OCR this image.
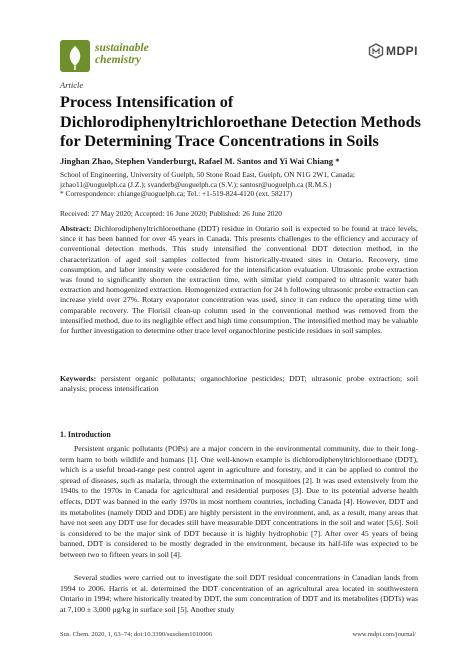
sustainable
chemistry
MDPI
Article
Process Intensification of Dichlorodiphenyltrichloroethane Detection Methods for Determining Trace Concentrations in Soils
Jinghan Zhao, Stephen Vanderburgt, Rafael M. Santos and Yi Wai Chiang *
School of Engineering, University of Guelph, 50 Stone Road East, Guelph, ON N1G 2W1, Canada;
jzhao11@uoguelph.ca (J.Z.); svanderb@uoguelph.ca (S.V.); santosr@uoguelph.ca (R.M.S.)
* Correspondence: chiange@uoguelph.ca; Tel.: +1-519-824-4120 (ext. 58217)
Received: 27 May 2020; Accepted: 16 June 2020; Published: 26 June 2020
Abstract: Dichlorodiphenyltrichloroethane (DDT) residue in Ontario soil is expected to be found at trace levels, since it has been banned for over 45 years in Canada. This presents challenges to the efficiency and accuracy of conventional detection methods. This study intensified the conventional DDT detection method, in the characterization of aged soil samples collected from historically-treated sites in Ontario. Recovery, time consumption, and labor intensity were considered for the intensification evaluation. Ultrasonic probe extraction was found to significantly shorten the extraction time, with similar yield compared to ultrasonic water bath extraction and homogenized extraction. Homogenized extraction for 24 h following ultrasonic probe extraction can increase yield over 27%. Rotary evaporator concentration was used, since it can reduce the operating time with comparable recovery. The Florisil clean-up column used in the conventional method was removed from the intensified method, due to its negligible effect and high time consumption. The intensified method may be valuable for further investigation to determine other trace level organochlorine pesticide residues in soil samples.
Keywords: persistent organic pollutants; organochlorine pesticides; DDT; ultrasonic probe extraction; soil analysis; process intensification
1. Introduction
Persistent organic pollutants (POPs) are a major concern in the environmental community, due to their long-term harm to both wildlife and humans [1]. One well-known example is dichlorodiphenyltrichloroethane (DDT), which is a useful broad-range pest control agent in agriculture and forestry, and it can be applied to control the spread of diseases, such as malaria, through the extermination of mosquitoes [2]. It was used extensively from the 1940s to the 1970s in Canada for agricultural and residential purposes [3]. Due to its potential adverse health effects, DDT was banned in the early 1970s in most northern countries, including Canada [4]. However, DDT and its metabolites (namely DDD and DDE) are highly persistent in the environment, and, as a result, many areas that have not seen any DDT use for decades still have measurable DDT concentrations in the soil and water [5,6]. Soil is considered to be the major sink of DDT because it is highly hydrophobic [7]. After over 45 years of being banned, DDT is considered to be mostly degraded in the environment, because its half-life was expected to be between two to fifteen years in soil [4].
Several studies were carried out to investigate the soil DDT residual concentrations in Canadian lands from 1994 to 2006. Harris et al. determined the DDT concentration of an agricultural area located in southwestern Ontario in 1994; where historically treated by DDT, the sum concentration of DDT and its metabolites (DDTs) was at 7,100 ± 3,000 μg/kg in surface soil [5]. Another study
Sus. Chem. 2020, 1, 63–74; doi:10.3390/suschem1010006	www.mdpi.com/journal/
